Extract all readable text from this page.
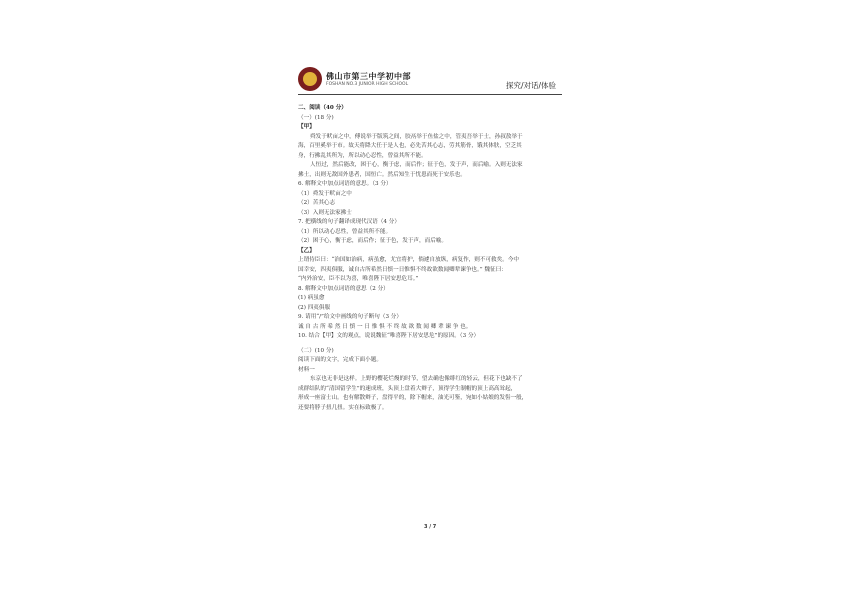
佛山市第三中学初中部
FOSHAN NO.3 JUNIOR HIGH SCHOOL	探究/对话/体验

二、阅读（40 分）

（一）(18 分)

【甲】

舜发于畎亩之中，傅说举于版筑之间，胶鬲举于鱼盐之中，管夷吾举于士，孙叔敖举于

海，百里奚举于市。故天将降大任于是人也，必先苦其心志，劳其筋骨，饿其体肤，空乏其

身，行拂乱其所为，所以动心忍性，曾益其所不能。

人恒过，然后能改，困于心，衡于虑，而后作；征于色，发于声，而后喻。入则无法家

拂士，出则无敌国外患者，国恒亡。然后知生于忧患而死于安乐也。

6. 解释文中加点词语的意思。（3 分）

（1）舜发于畎亩之中

（2）苦其心志

（3）入则无法家拂士

7. 把横线的句子翻译成现代汉语（4 分）

（1）所以动心忍性，曾益其所不能。

（2）困于心，衡于虑，而后作；征于色，发于声，而后喻。

【乙】

上谓侍臣曰：“治国如治病，病虽愈，尤宜将护，倘遽自放纵，病复作，则不可救矣。今中

国幸安，四夷俱服，诚自古所希然日慎一日惟惧不终故欲数闻卿辈谏争也。” 魏征曰：

“内外治安，臣不以为喜，唯喜陛下居安思危耳。”

8. 解释文中加点词语的意思（2 分）

(1) 病虽愈

(2) 四夷俱服

9. 请用“/”给文中画线的句子断句（3 分）

诚 自 古 所 希 然 日 慎 一 日 惟 惧 不 终 故 欲 数 闻 卿 辈 谏 争 也。

10. 结合【甲】文的观点，说说魏征“唯喜陛下居安思危”的原因。（3 分）

（二）(10 分)

阅读下面的文字，完成下面小题。

材料一

东京也无非是这样。上野的樱花烂熳的时节，望去确也像绯红的轻云，但花下也缺不了

成群结队的“清国留学生”的速成班，头顶上盘着大辫子，顶得学生制帽的顶上高高耸起，

形成一座富士山。也有解散辫子，盘得平的，除下帽来，油光可鉴，宛如小姑娘的发髻一般，

还要将脖子扭几扭。实在标致极了。

3 / 7
